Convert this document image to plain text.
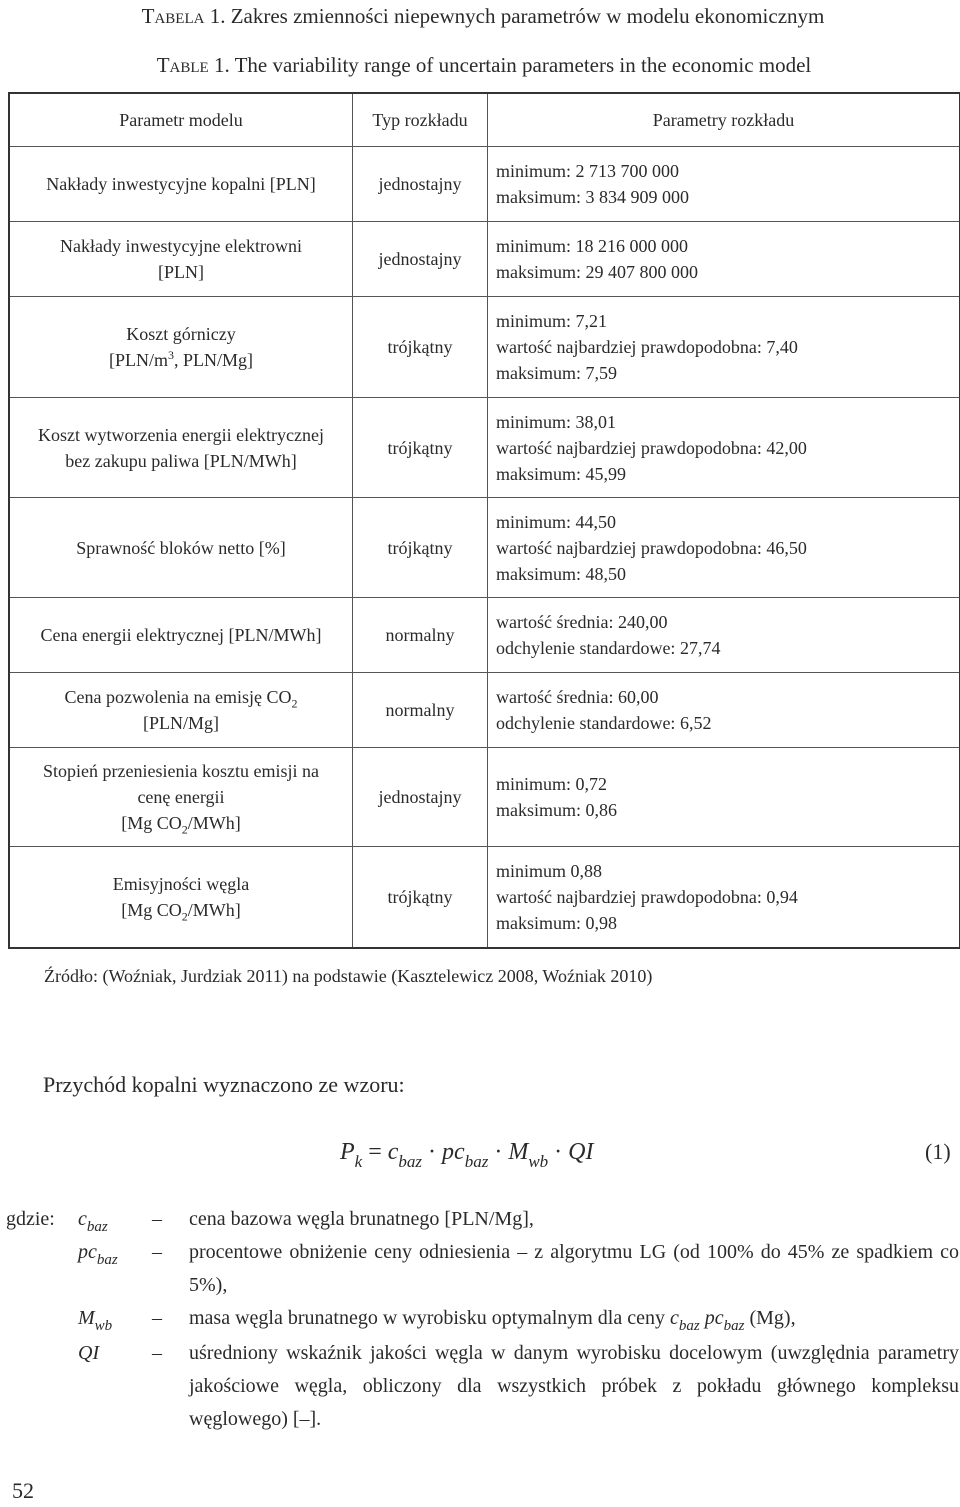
TABELA 1. Zakres zmienności niepewnych parametrów w modelu ekonomicznym
TABLE 1. The variability range of uncertain parameters in the economic model
Parametr modelu	Typ rozkładu	Parametry rozkładu
Nakłady inwestycyjne kopalni [PLN]	jednostajny	minimum: 2 713 700 000
maksimum: 3 834 909 000
Nakłady inwestycyjne elektrowni
[PLN]	jednostajny	minimum: 18 216 000 000
maksimum: 29 407 800 000
Koszt górniczy
[$PLN/m^3$, PLN/Mg]	trójkątny	minimum: 7,21
wartość najbardziej prawdopodobna: 7,40
maksimum: 7,59
Koszt wytworzenia energii elektrycznej
bez zakupu paliwa [PLN/MWh]	trójkątny	minimum: 38,01
wartość najbardziej prawdopodobna: 42,00
maksimum: 45,99
Sprawność bloków netto [%]	trójkątny	minimum: 44,50
wartość najbardziej prawdopodobna: 46,50
maksimum: 48,50
Cena energii elektrycznej [PLN/MWh]	normalny	wartość średnia: 240,00
odchylenie standardowe: 27,74
Cena pozwolenia na emisję $CO_2$
[PLN/Mg]	normalny	wartość średnia: 60,00
odchylenie standardowe: 6,52
Stopień przeniesienia kosztu emisji na
cenę energii
[Mg $CO_2/MWh$]	jednostajny	minimum: 0,72
maksimum: 0,86
Emisyjności węgla
[Mg $CO_2/MWh$]	trójkątny	minimum 0,88
wartość najbardziej prawdopodobna: 0,94
maksimum: 0,98
Źródło: (Woźniak, Jurdziak 2011) na podstawie (Kasztelewicz 2008, Woźniak 2010)
Przychód kopalni wyznaczono ze wzoru:
$P_k = c_{baz} \cdot pc_{baz} \cdot M_{wb}$ · QI	(1)
gdzie: $c_{baz}$ – cena bazowa węgla brunatnego [PLN/Mg],
$pc_{baz}$ – procentowe obniżenie ceny odniesienia – z algorytmu LG (od 100% do 45% ze spadkiem co 5%),
$M_{wb}$ – masa węgla brunatnego w wyrobisku optymalnym dla ceny $c_{baz}$ $pc_{baz}$ (Mg),
QI	– uśredniony wskaźnik jakości węgla w danym wyrobisku docelowym (uwzględnia parametry jakościowe węgla, obliczony dla wszystkich próbek z pokładu głównego kompleksu węglowego) [–].
52
